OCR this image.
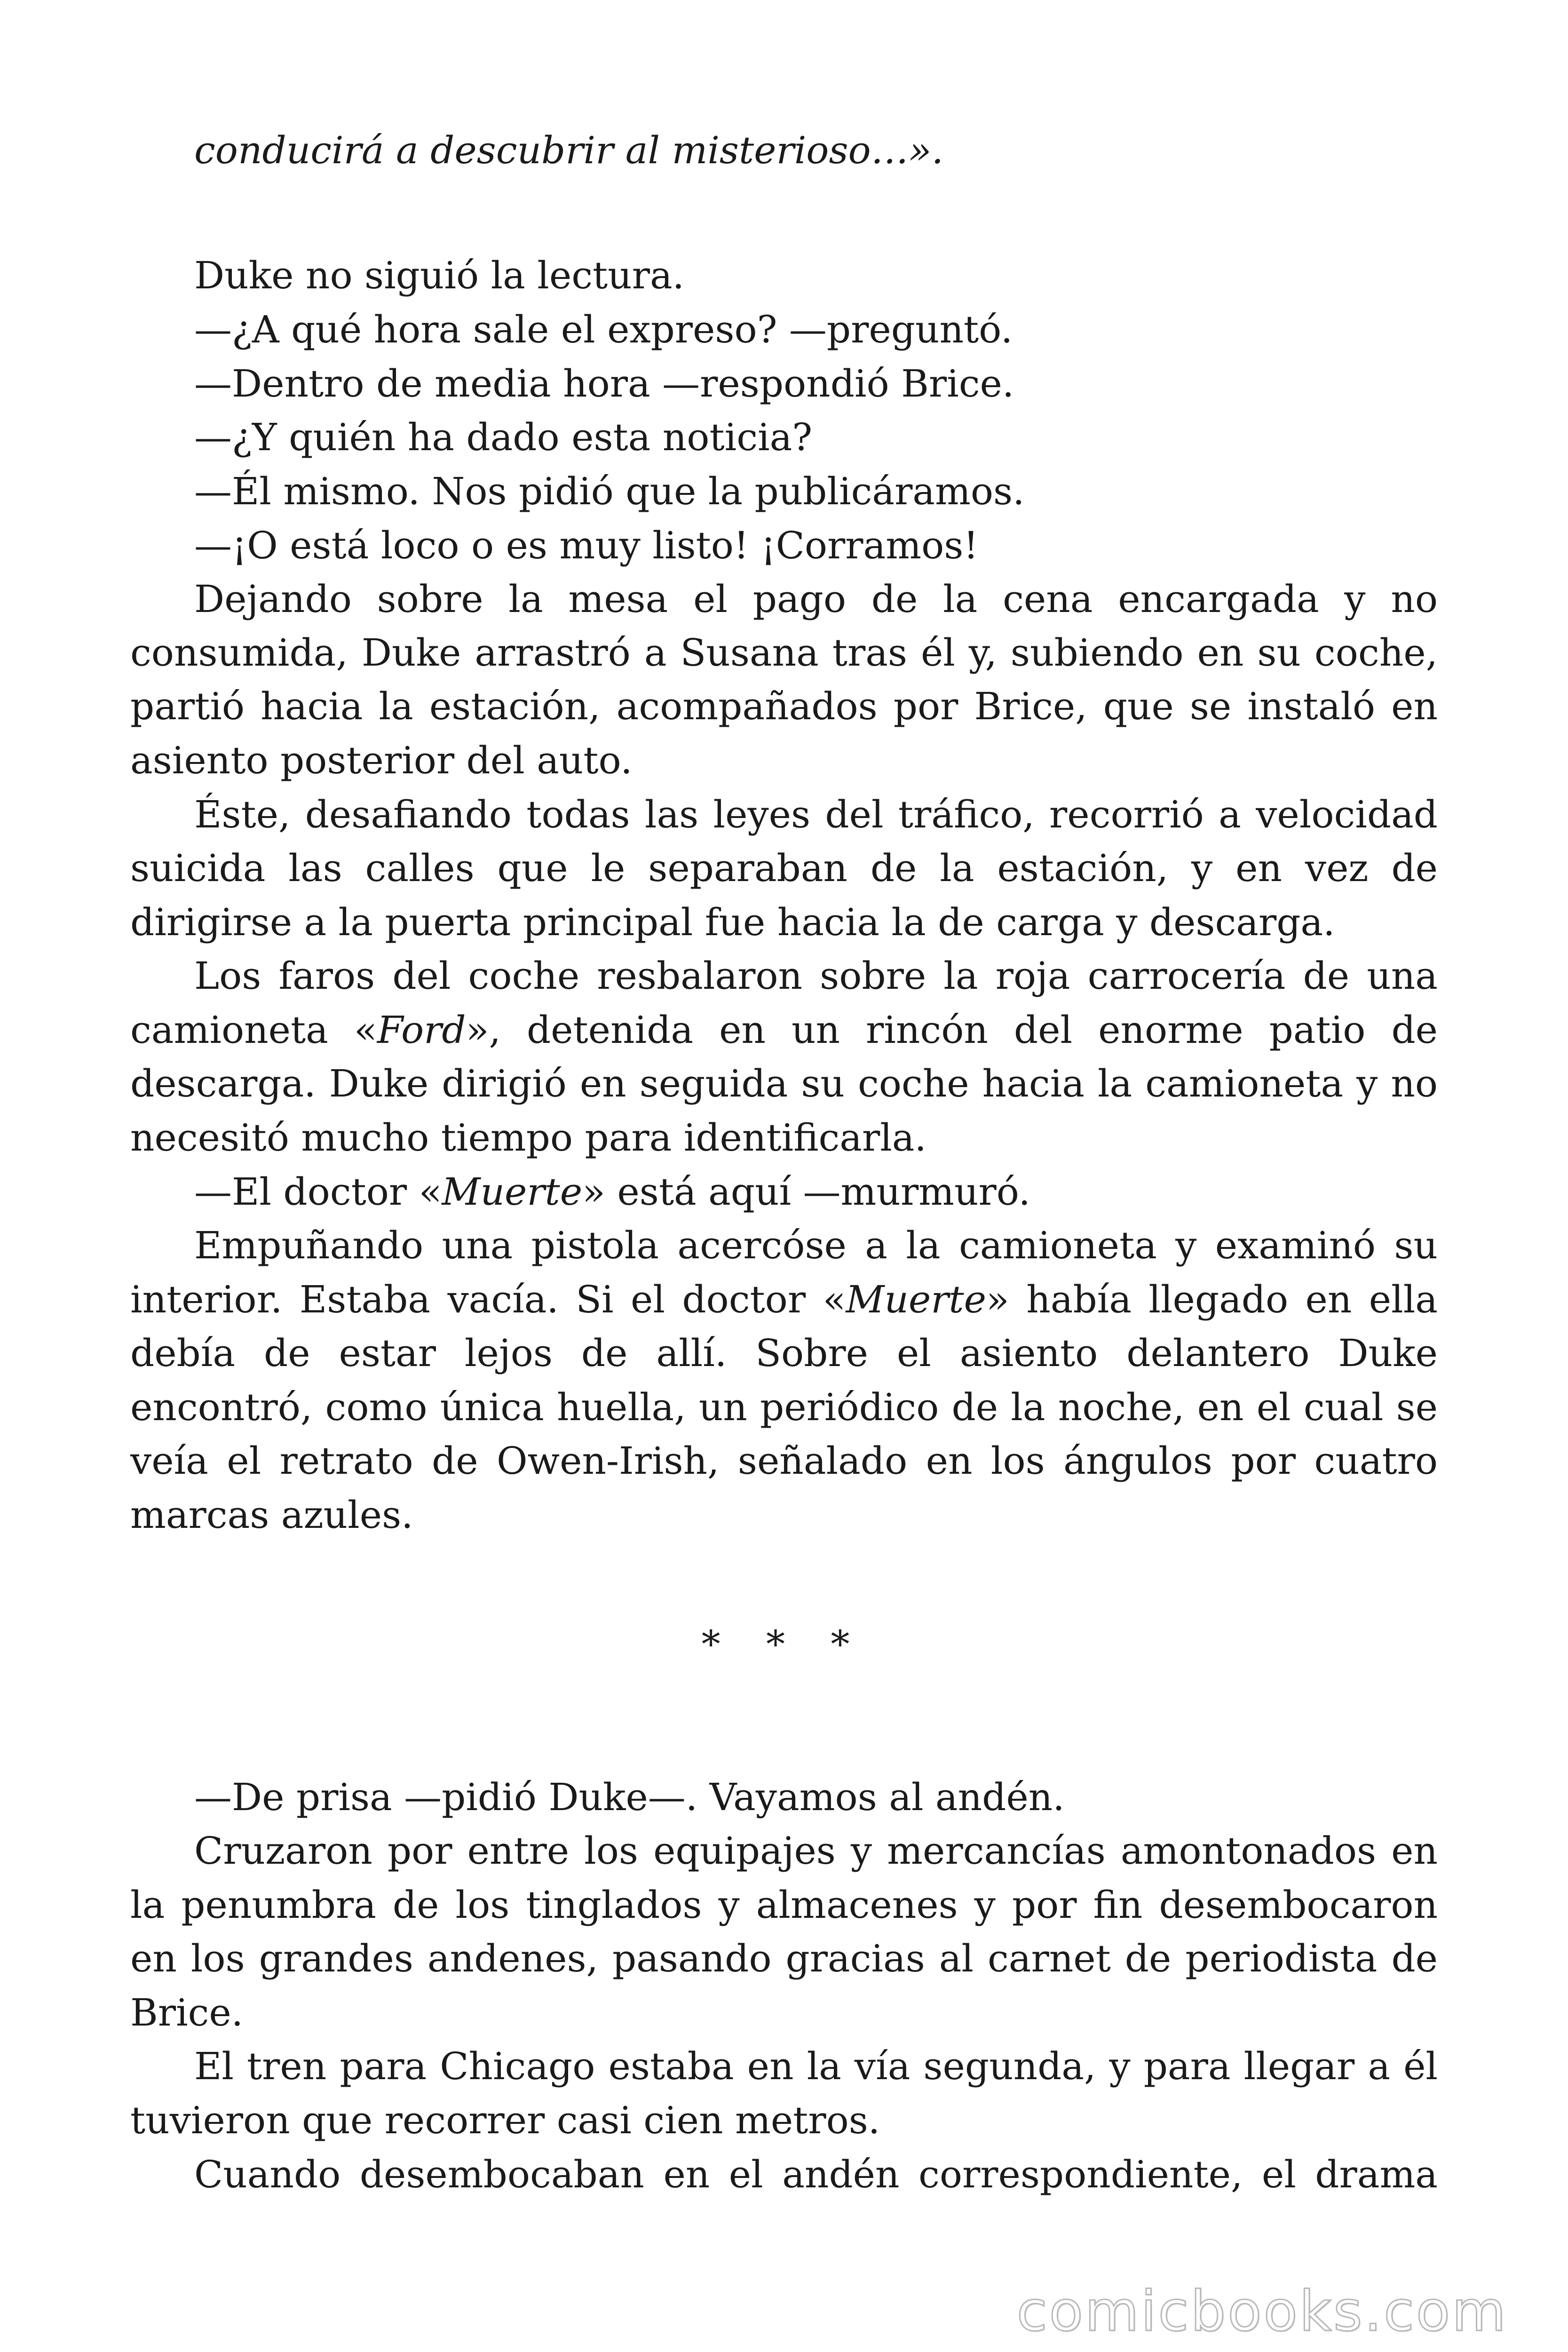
conducirá a descubrir al misterioso…».
Duke no siguió la lectura.
—¿A qué hora sale el expreso? —preguntó.
—Dentro de media hora —respondió Brice.
—¿Y quién ha dado esta noticia?
—Él mismo. Nos pidió que la publicáramos.
—¡O está loco o es muy listo! ¡Corramos!
Dejando sobre la mesa el pago de la cena encargada y no
consumida, Duke arrastró a Susana tras él y, subiendo en su coche,
partió hacia la estación, acompañados por Brice, que se instaló en
asiento posterior del auto.
Éste, desafiando todas las leyes del tráfico, recorrió a velocidad
suicida las calles que le separaban de la estación, y en vez de
dirigirse a la puerta principal fue hacia la de carga y descarga.
Los faros del coche resbalaron sobre la roja carrocería de una
camioneta «Ford», detenida en un rincón del enorme patio de
descarga. Duke dirigió en seguida su coche hacia la camioneta y no
necesitó mucho tiempo para identificarla.
—El doctor «Muerte» está aquí —murmuró.
Empuñando una pistola acercóse a la camioneta y examinó su
interior. Estaba vacía. Si el doctor «Muerte» había llegado en ella
debía de estar lejos de allí. Sobre el asiento delantero Duke
encontró, como única huella, un periódico de la noche, en el cual se
veía el retrato de Owen-Irish, señalado en los ángulos por cuatro
marcas azules.
* * *
—De prisa —pidió Duke—. Vayamos al andén.
Cruzaron por entre los equipajes y mercancías amontonados en
la penumbra de los tinglados y almacenes y por fin desembocaron
en los grandes andenes, pasando gracias al carnet de periodista de
Brice.
El tren para Chicago estaba en la vía segunda, y para llegar a él
tuvieron que recorrer casi cien metros.
Cuando desembocaban en el andén correspondiente, el drama
comicbooks.com
